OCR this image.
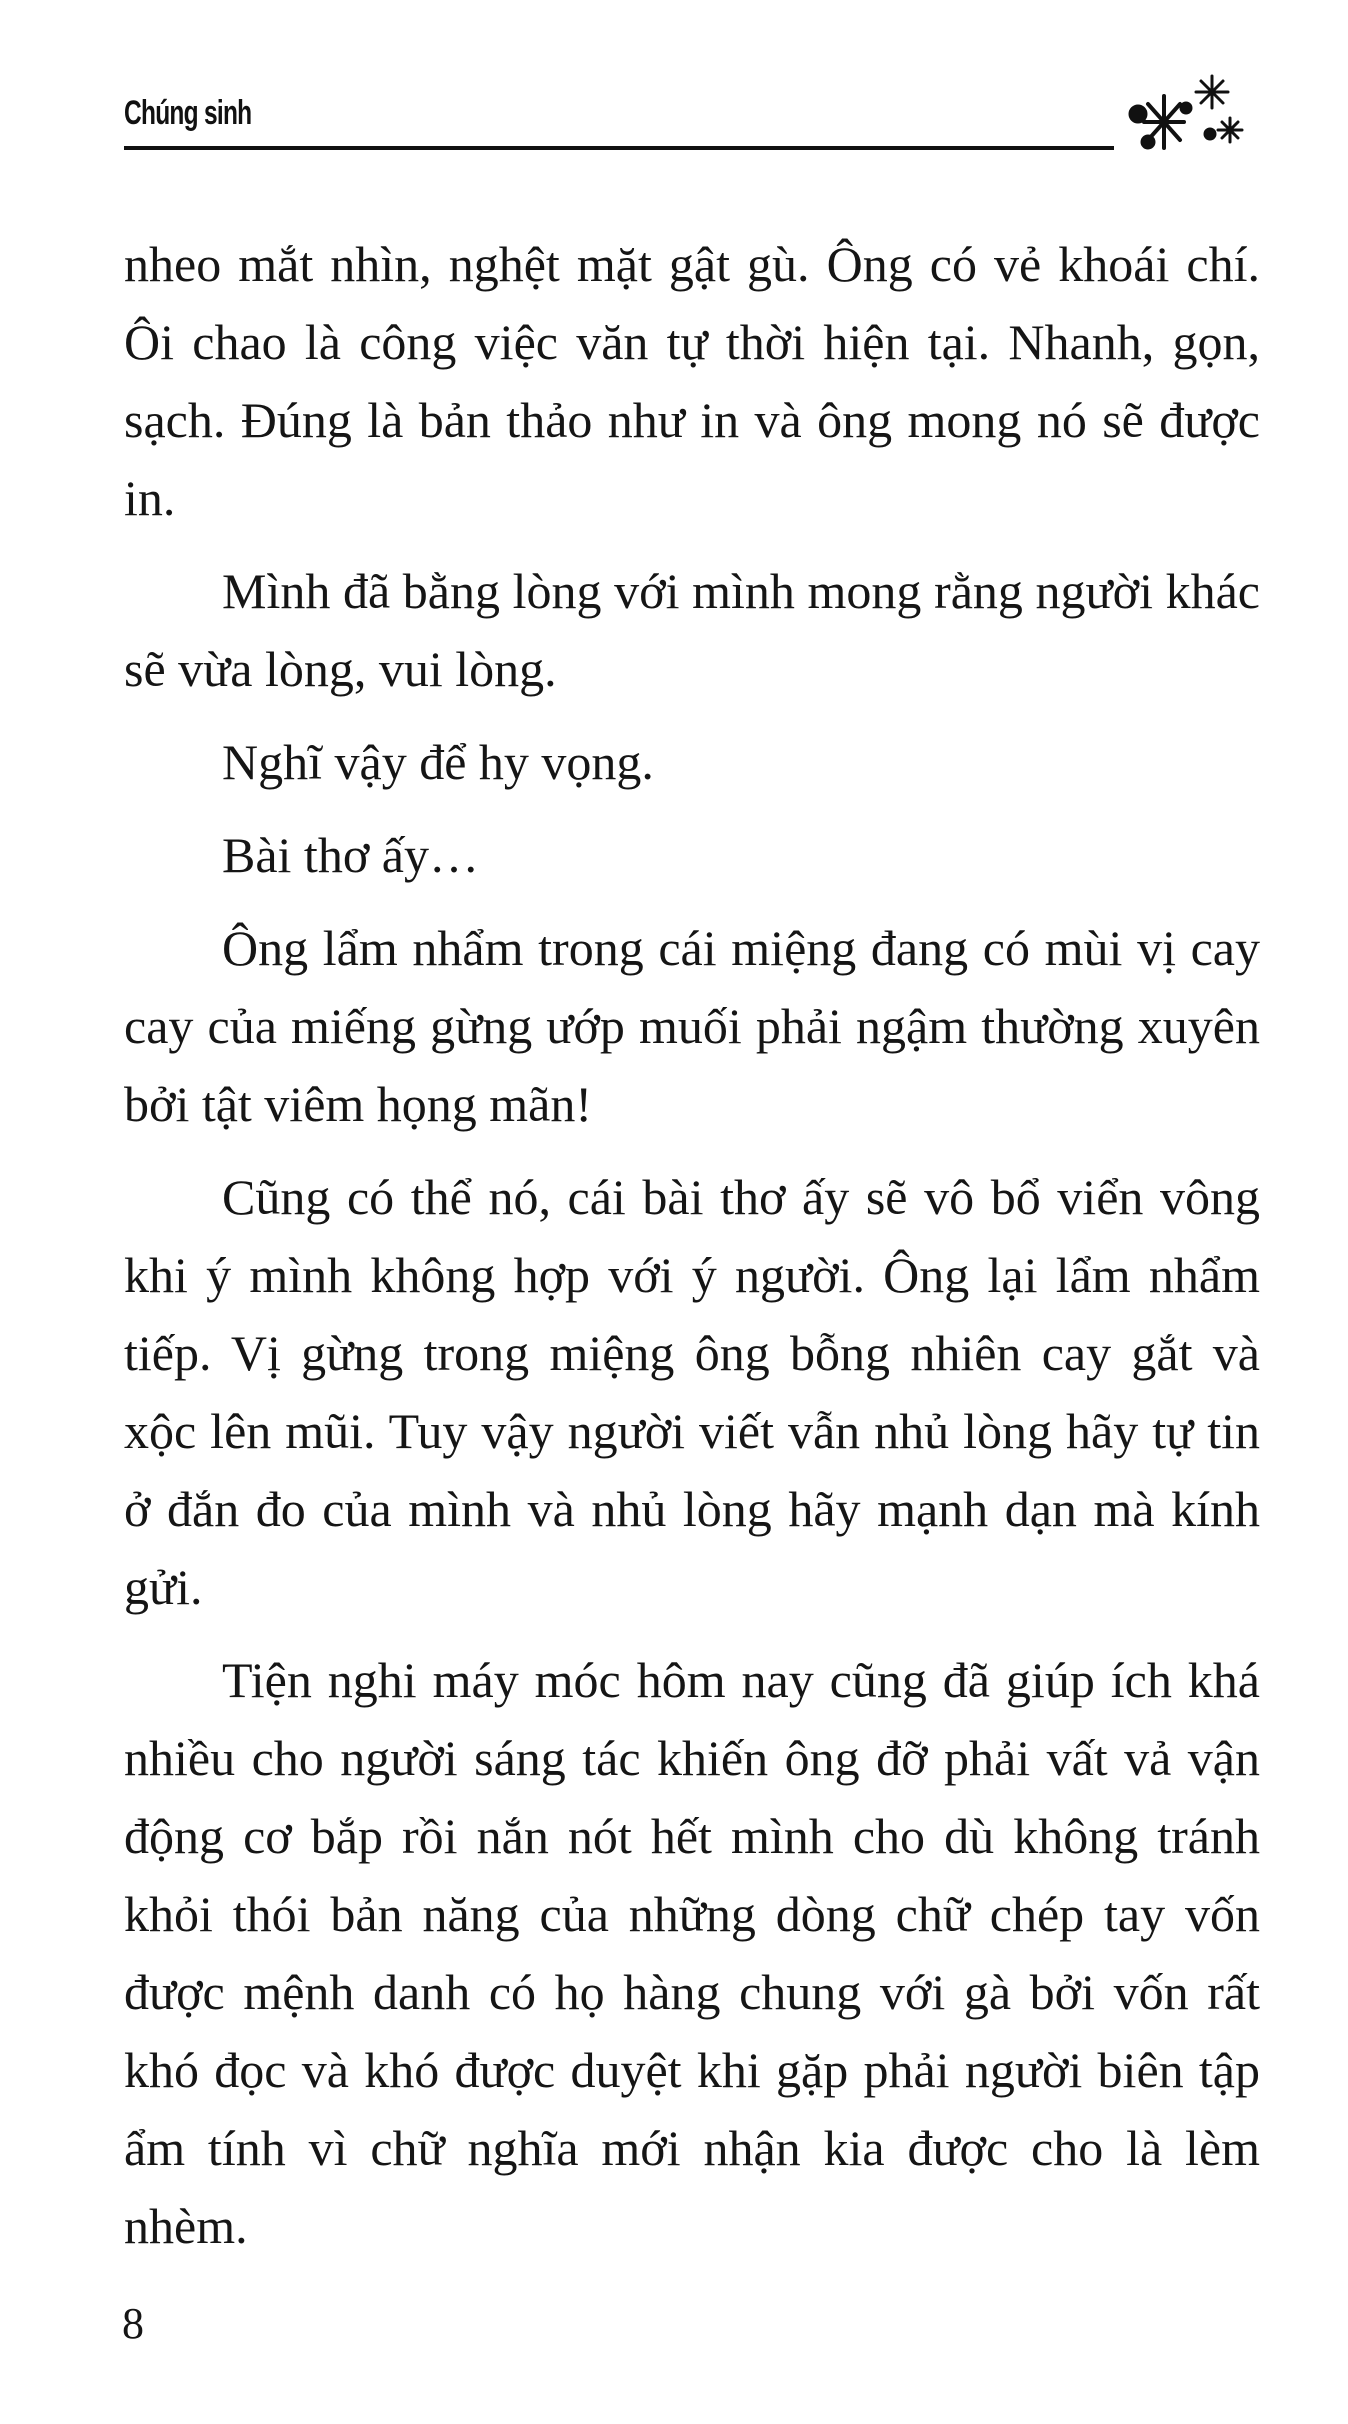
Chúng sinh

nheo mắt nhìn, nghệt mặt gật gù. Ông có vẻ khoái chí. Ôi chao là công việc văn tự thời hiện tại. Nhanh, gọn, sạch. Đúng là bản thảo như in và ông mong nó sẽ được in.

Mình đã bằng lòng với mình mong rằng người khác sẽ vừa lòng, vui lòng.

Nghĩ vậy để hy vọng.

Bài thơ ấy…

Ông lẩm nhẩm trong cái miệng đang có mùi vị cay cay của miếng gừng ướp muối phải ngậm thường xuyên bởi tật viêm họng mãn!

Cũng có thể nó, cái bài thơ ấy sẽ vô bổ viển vông khi ý mình không hợp với ý người. Ông lại lẩm nhẩm tiếp. Vị gừng trong miệng ông bỗng nhiên cay gắt và xộc lên mũi. Tuy vậy người viết vẫn nhủ lòng hãy tự tin ở đắn đo của mình và nhủ lòng hãy mạnh dạn mà kính gửi.

Tiện nghi máy móc hôm nay cũng đã giúp ích khá nhiều cho người sáng tác khiến ông đỡ phải vất vả vận động cơ bắp rồi nắn nót hết mình cho dù không tránh khỏi thói bản năng của những dòng chữ chép tay vốn được mệnh danh có họ hàng chung với gà bởi vốn rất khó đọc và khó được duyệt khi gặp phải người biên tập ẩm tính vì chữ nghĩa mới nhận kia được cho là lèm nhèm.

8
